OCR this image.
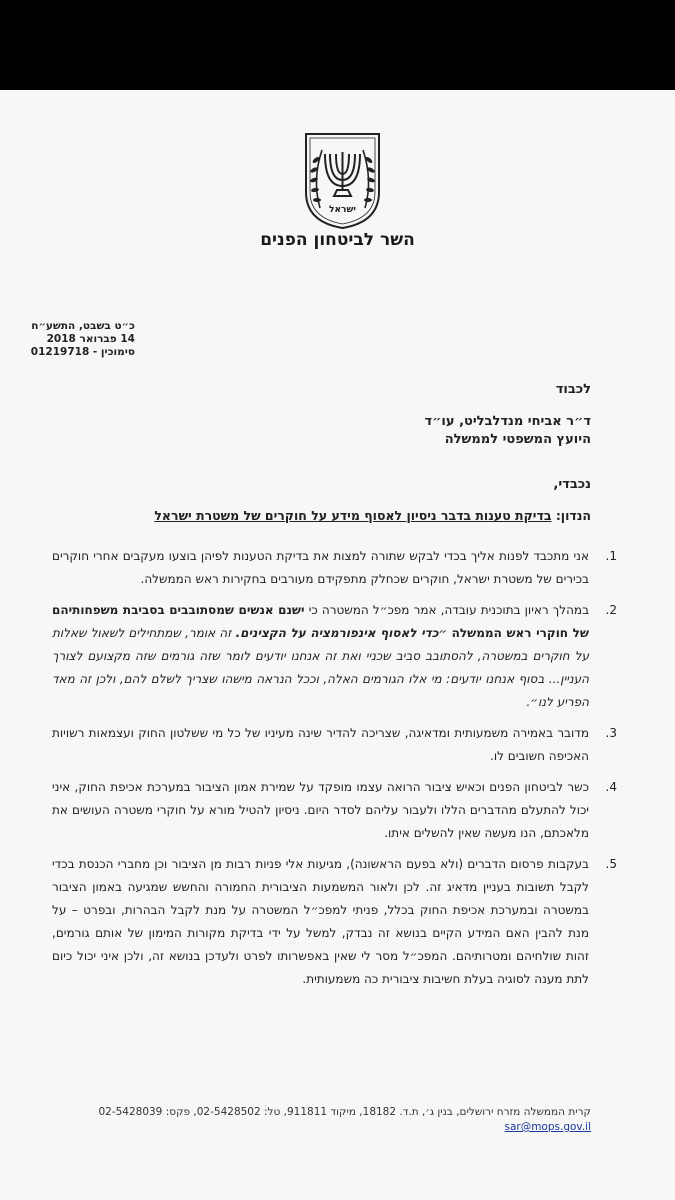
ישראל
השר לביטחון הפנים
כ״ט בשבט, התשע״ח
14 פברואר 2018
סימוכין - 01219718
לכבוד
ד״ר אביחי מנדלבליט, עו״ד
היועץ המשפטי לממשלה
נכבדי,
הנדון: בדיקת טענות בדבר ניסיון לאסוף מידע על חוקרים של משטרת ישראל
1.
אני מתכבד לפנות אליך בכדי לבקש שתורה למצות את בדיקת הטענות לפיהן בוצעו מעקבים אחרי חוקרים בכירים של משטרת ישראל, חוקרים שכחלק מתפקידם מעורבים בחקירות ראש הממשלה.
2.
במהלך ראיון בתוכנית עובדה, אמר מפכ״ל המשטרה כי ישנם אנשים שמסתובבים בסביבת משפחותיהם של חוקרי ראש הממשלה ״כדי לאסוף אינפורמציה על הקצינים. זה אומר, שמתחילים לשאול שאלות על חוקרים במשטרה, להסתובב סביב שכניי ואת זה אנחנו יודעים לומר שזה גורמים שזה מקצועם לצורך העניין... בסוף אנחנו יודעים: מי אלו הגורמים האלה, וככל הנראה מישהו שצריך לשלם להם, ולכן זה מאד הפריע לנו״.
3.
מדובר באמירה משמעותית ומדאיגה, שצריכה להדיר שינה מעיניו של כל מי ששלטון החוק ועצמאות רשויות האכיפה חשובים לו.
4.
כשר לביטחון הפנים וכאיש ציבור הרואה עצמו מופקד על שמירת אמון הציבור במערכת אכיפת החוק, איני יכול להתעלם מהדברים הללו ולעבור עליהם לסדר היום. ניסיון להטיל מורא על חוקרי משטרה העושים את מלאכתם, הנו מעשה שאין להשלים איתו.
5.
בעקבות פרסום הדברים (ולא בפעם הראשונה), מגיעות אלי פניות רבות מן הציבור וכן מחברי הכנסת בכדי לקבל תשובות בעניין מדאיג זה. לכן ולאור המשמעות הציבורית החמורה והחשש שמגיעה באמון הציבור במשטרה ובמערכת אכיפת החוק בכלל, פניתי למפכ״ל המשטרה על מנת לקבל הבהרות, ובפרט – על מנת להבין האם המידע הקיים בנושא זה נבדק, למשל על ידי בדיקת מקורות המימון של אותם גורמים, זהות שולחיהם ומטרותיהם. המפכ״ל מסר לי שאין באפשרותו לפרט ולעדכן בנושא זה, ולכן איני יכול כיום לתת מענה לסוגיה בעלת חשיבות ציבורית כה משמעותית.
קרית הממשלה מזרח ירושלים, בנין ג׳, ת.ד. 18182, מיקוד 911811, טל: 02-5428502, פקס: 02-5428039
sar@mops.gov.il
